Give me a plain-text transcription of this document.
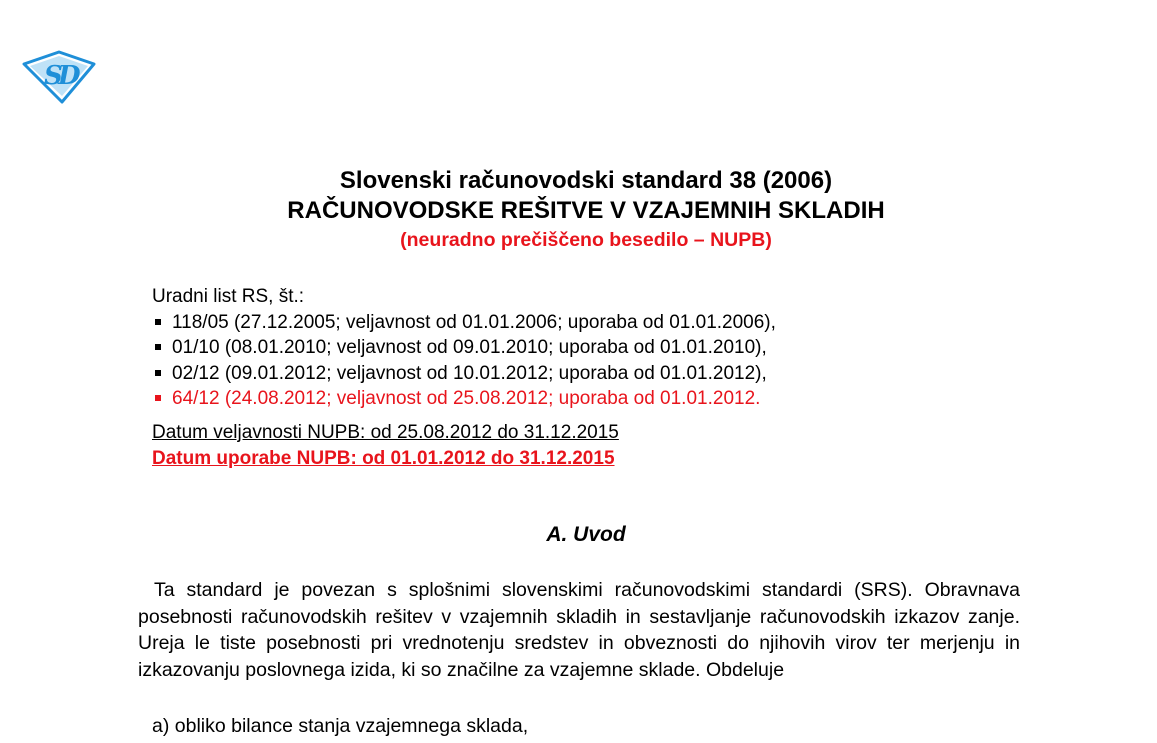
S
D
Slovenski računovodski standard 38 (2006)
RAČUNOVODSKE REŠITVE V VZAJEMNIH SKLADIH
(neuradno prečiščeno besedilo – NUPB)
Uradni list RS, št.:
118/05 (27.12.2005; veljavnost od 01.01.2006; uporaba od 01.01.2006),
01/10 (08.01.2010; veljavnost od 09.01.2010; uporaba od 01.01.2010),
02/12 (09.01.2012; veljavnost od 10.01.2012; uporaba od 01.01.2012),
64/12 (24.08.2012; veljavnost od 25.08.2012; uporaba od 01.01.2012.
Datum veljavnosti NUPB: od 25.08.2012 do 31.12.2015
Datum uporabe NUPB: od 01.01.2012 do 31.12.2015
A. Uvod
Ta standard je povezan s splošnimi slovenskimi računovodskimi standardi (SRS). Obravnava posebnosti računovodskih rešitev v vzajemnih skladih in sestavljanje računovodskih izkazov zanje. Ureja le tiste posebnosti pri vrednotenju sredstev in obveznosti do njihovih virov ter merjenju in izkazovanju poslovnega izida, ki so značilne za vzajemne sklade. Obdeluje
a) obliko bilance stanja vzajemnega sklada,
